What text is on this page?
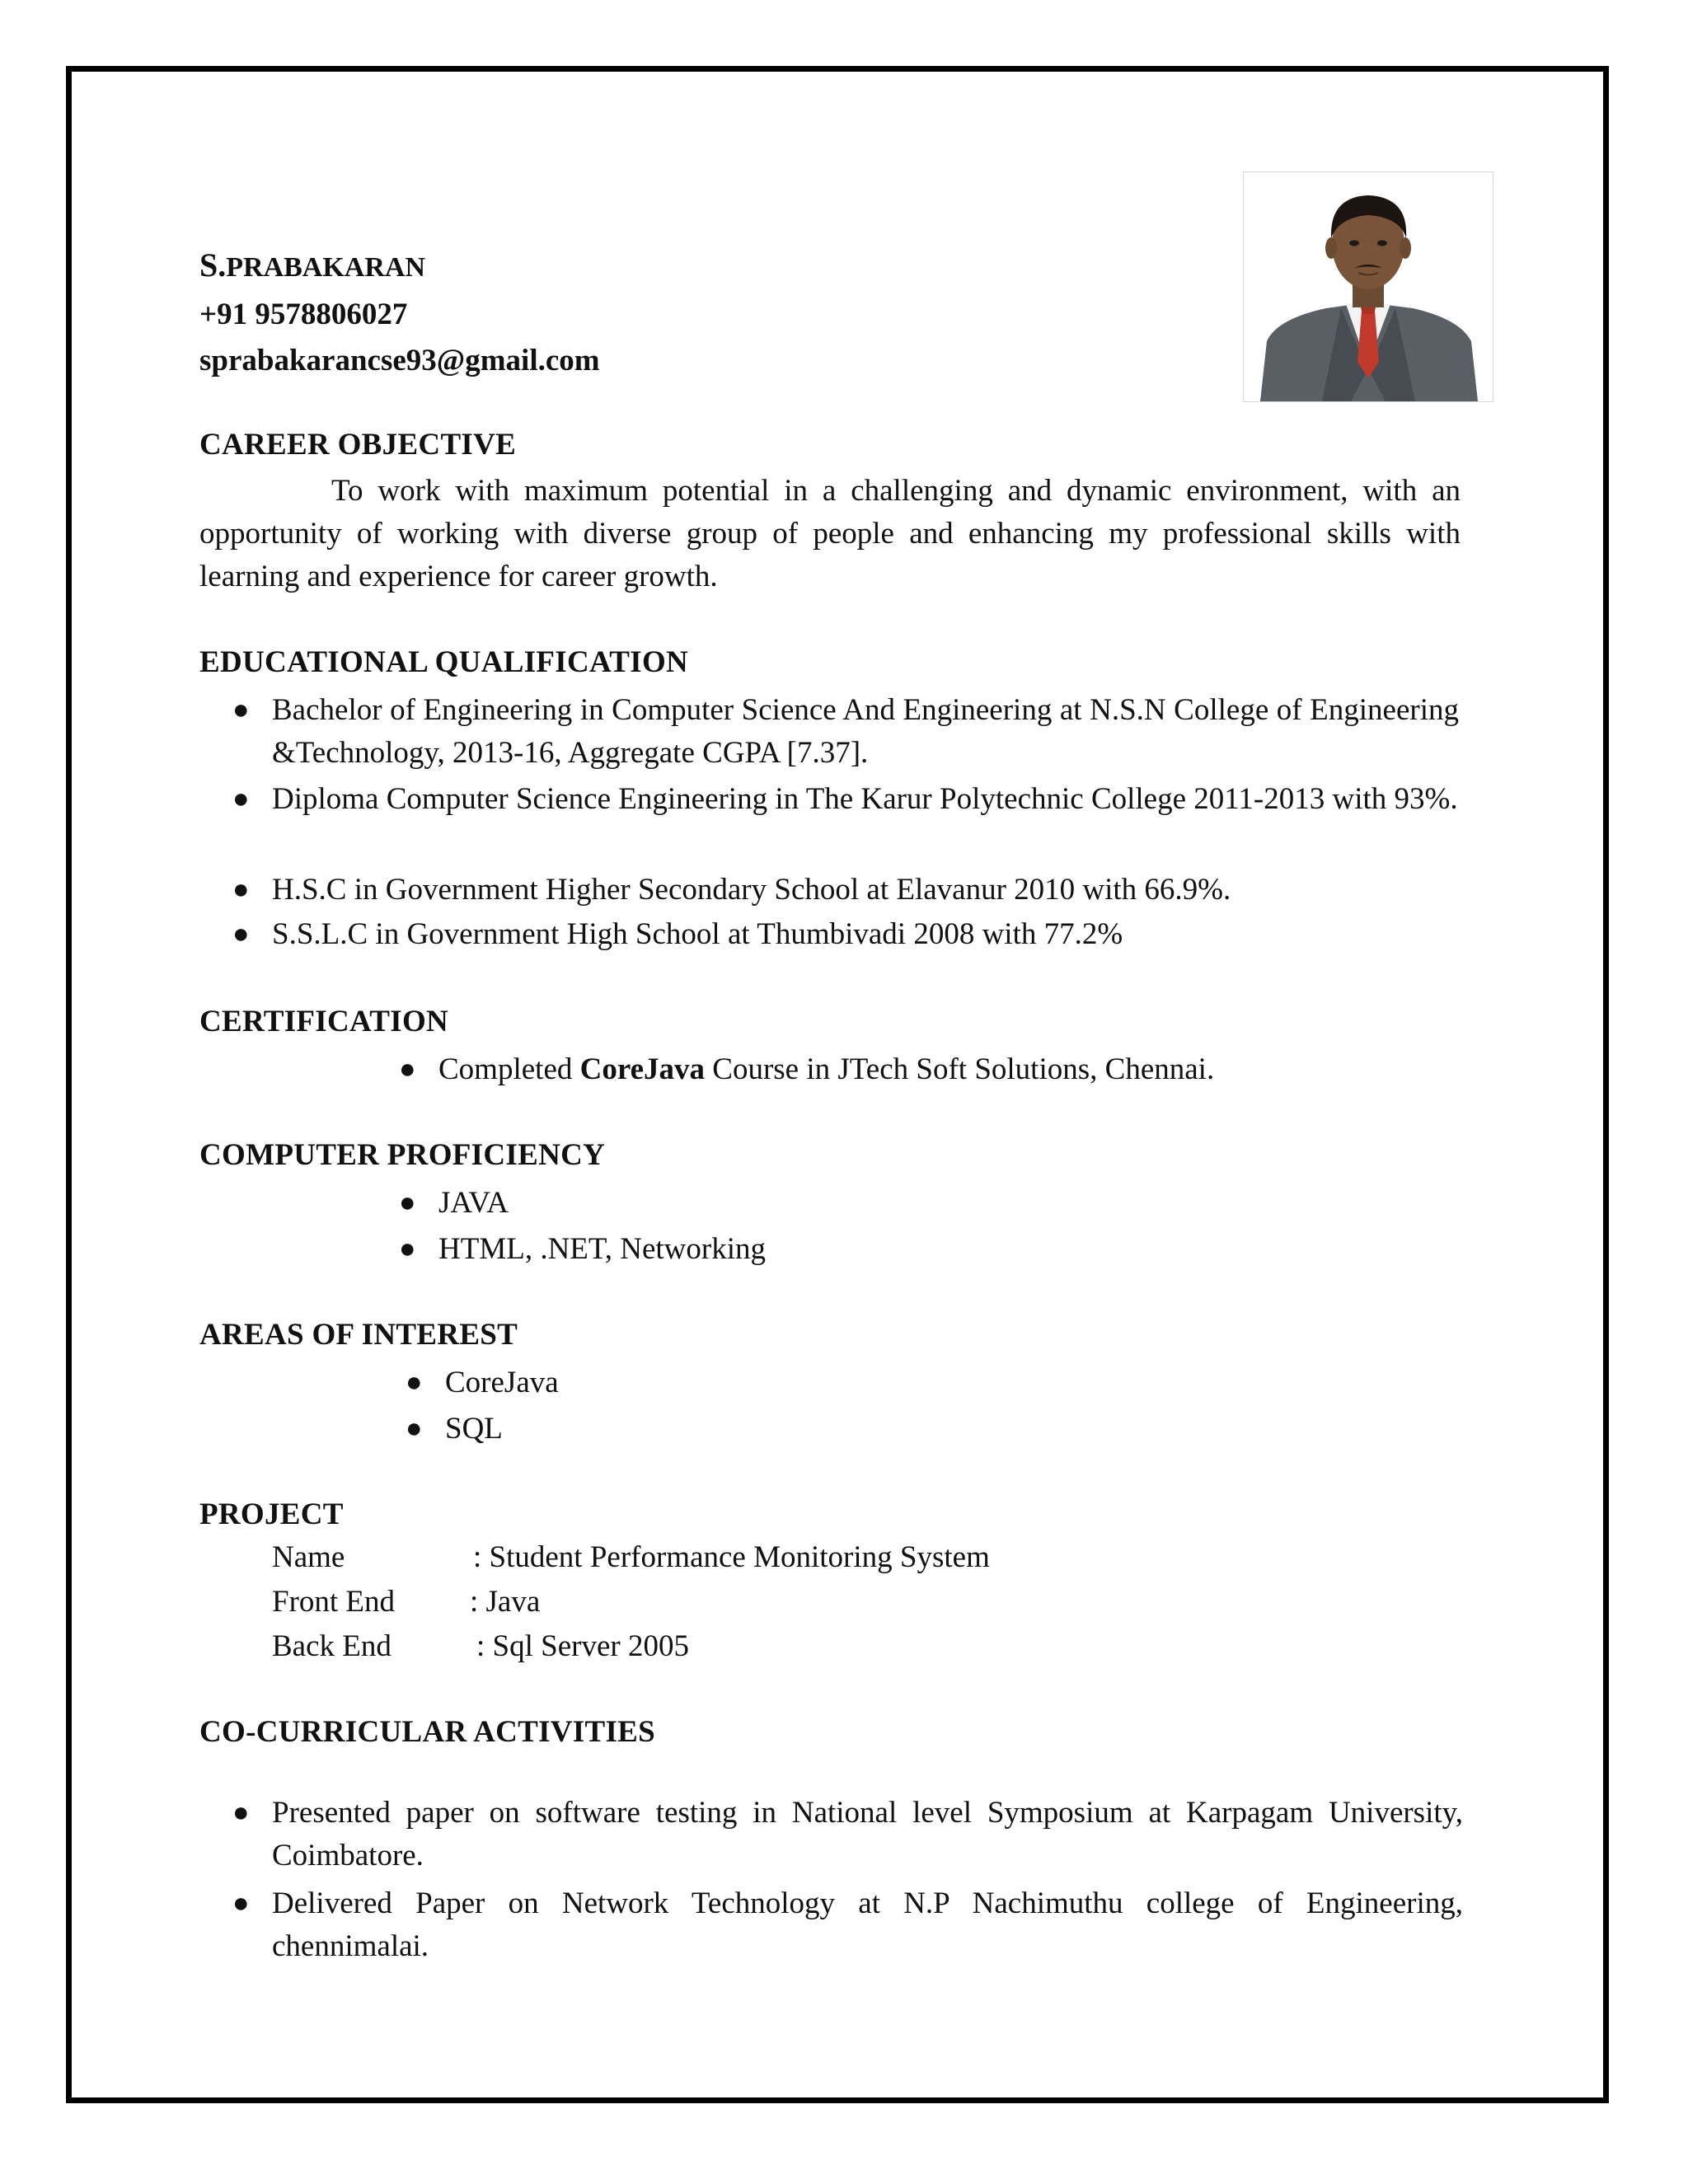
S.PRABAKARAN
+91 9578806027
sprabakarancse93@gmail.com
CAREER OBJECTIVE
To work with maximum potential in a challenging and dynamic environment, with an opportunity of working with diverse group of people and enhancing my professional skills with learning and experience for career growth.
EDUCATIONAL QUALIFICATION
● Bachelor of Engineering in Computer Science And Engineering at N.S.N College of Engineering &Technology, 2013-16, Aggregate CGPA [7.37].
● Diploma Computer Science Engineering in The Karur Polytechnic College 2011-2013 with 93%.
● H.S.C in Government Higher Secondary School at Elavanur 2010 with 66.9%.
● S.S.L.C in Government High School at Thumbivadi 2008 with 77.2%
CERTIFICATION
● Completed CoreJava Course in JTech Soft Solutions, Chennai.
COMPUTER PROFICIENCY
● JAVA
● HTML, .NET, Networking
AREAS OF INTEREST
● CoreJava
● SQL
PROJECT
Name	: Student Performance Monitoring System
Front End : Java
Back End	: Sql Server 2005
CO-CURRICULAR ACTIVITIES
● Presented paper on software testing in National level Symposium at Karpagam University, Coimbatore.
● Delivered Paper on Network Technology at N.P Nachimuthu college of Engineering, chennimalai.
